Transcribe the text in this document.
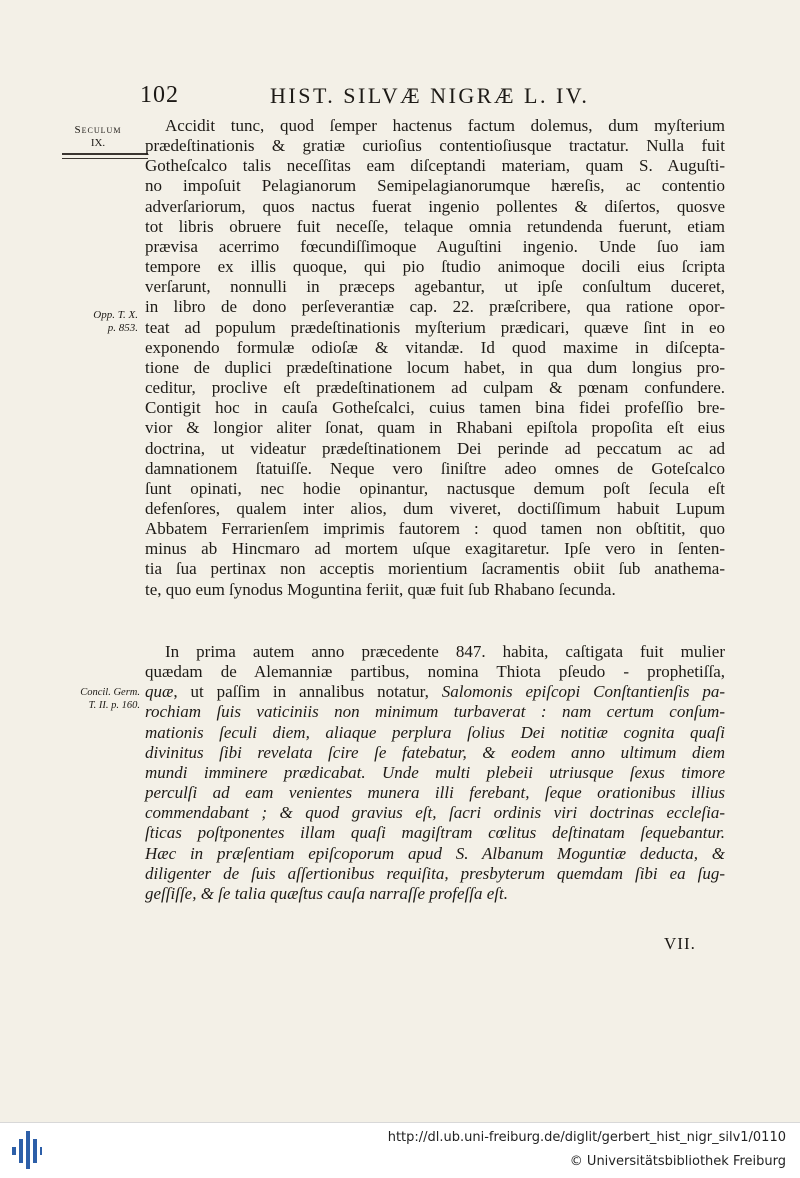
102	HIST. SILVÆ NIGRÆ L. IV.
Seculum
IX.
Opp. T. X.
p. 853.
Concil. Germ.
T. II. p. 160.
Accidit tunc, quod ſemper hactenus factum dolemus, dum myſterium
prædeſtinationis & gratiæ curioſius contentioſiusque tractatur. Nulla fuit
Gotheſcalco talis neceſſitas eam diſceptandi materiam, quam S. Auguſti-
no impoſuit Pelagianorum Semipelagianorumque hæreſis, ac contentio
adverſariorum, quos nactus fuerat ingenio pollentes & diſertos, quosve
tot libris obruere fuit neceſſe, telaque omnia retundenda fuerunt, etiam
prævisa acerrimo fœcundiſſimoque Auguſtini ingenio. Unde ſuo iam
tempore ex illis quoque, qui pio ſtudio animoque docili eius ſcripta
verſarunt, nonnulli in præceps agebantur, ut ipſe conſultum duceret,
in libro de dono perſeverantiæ cap. 22. præſcribere, qua ratione opor-
teat ad populum prædeſtinationis myſterium prædicari, quæve ſint in eo
exponendo formulæ odioſæ & vitandæ. Id quod maxime in diſcepta-
tione de duplici prædeſtinatione locum habet, in qua dum longius pro-
ceditur, proclive eſt prædeſtinationem ad culpam & pœnam confundere.
Contigit hoc in cauſa Gotheſcalci, cuius tamen bina fidei profeſſio bre-
vior & longior aliter ſonat, quam in Rhabani epiſtola propoſita eſt eius
doctrina, ut videatur prædeſtinationem Dei perinde ad peccatum ac ad
damnationem ſtatuiſſe. Neque vero ſiniſtre adeo omnes de Goteſcalco
ſunt opinati, nec hodie opinantur, nactusque demum poſt ſecula eſt
defenſores, qualem inter alios, dum viveret, doctiſſimum habuit Lupum
Abbatem Ferrarienſem imprimis fautorem : quod tamen non obſtitit, quo
minus ab Hincmaro ad mortem uſque exagitaretur. Ipſe vero in ſenten-
tia ſua pertinax non acceptis morientium ſacramentis obiit ſub anathema-
te, quo eum ſynodus Moguntina feriit, quæ fuit ſub Rhabano ſecunda.
In prima autem anno præcedente 847. habita, caſtigata fuit mulier
quædam de Alemanniæ partibus, nomina Thiota pſeudo - prophetiſſa,
quæ, ut paſſim in annalibus notatur, Salomonis epiſcopi Conſtantienſis pa-
rochiam ſuis vaticiniis non minimum turbaverat : nam certum conſum-
mationis ſeculi diem, aliaque perplura ſolius Dei notitiæ cognita quaſi
divinitus ſibi revelata ſcire ſe fatebatur, & eodem anno ultimum diem
mundi imminere prædicabat. Unde multi plebeii utriusque ſexus timore
perculſi ad eam venientes munera illi ferebant, ſeque orationibus illius
commendabant ; & quod gravius eſt, ſacri ordinis viri doctrinas eccleſia-
ſticas poſtponentes illam quaſi magiſtram cœlitus deſtinatam ſequebantur.
Hæc in præſentiam epiſcoporum apud S. Albanum Moguntiæ deducta, &
diligenter de ſuis aſſertionibus requiſita, presbyterum quemdam ſibi ea ſug-
geſſiſſe, & ſe talia quæſtus cauſa narraſſe profeſſa eſt.
VII.
http://dl.ub.uni-freiburg.de/diglit/gerbert_hist_nigr_silv1/0110
© Universitätsbibliothek Freiburg
